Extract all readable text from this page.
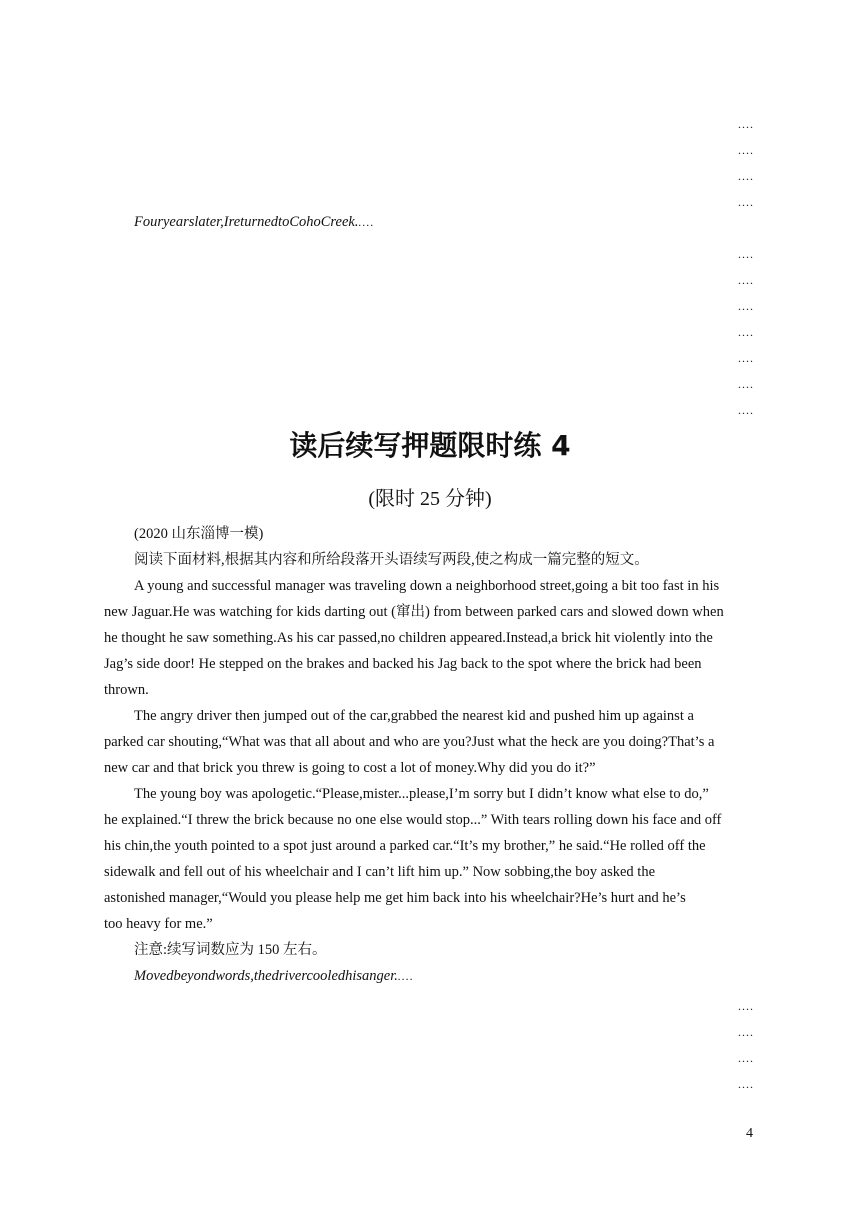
....
....
....
....
Fouryearslater,IreturnedtoCohoCreek.....
....
....
....
....
....
....
....
读后续写押题限时练 4
(限时 25 分钟)
(2020 山东淄博一模)
阅读下面材料,根据其内容和所给段落开头语续写两段,使之构成一篇完整的短文。
A young and successful manager was traveling down a neighborhood street,going a bit too fast in his
new Jaguar.He was watching for kids darting out (窜出) from between parked cars and slowed down when
he thought he saw something.As his car passed,no children appeared.Instead,a brick hit violently into the
Jag’s side door! He stepped on the brakes and backed his Jag back to the spot where the brick had been
thrown.
The angry driver then jumped out of the car,grabbed the nearest kid and pushed him up against a
parked car shouting,“What was that all about and who are you?Just what the heck are you doing?That’s a
new car and that brick you threw is going to cost a lot of money.Why did you do it?”
The young boy was apologetic.“Please,mister...please,I’m sorry but I didn’t know what else to do,”
he explained.“I threw the brick because no one else would stop...” With tears rolling down his face and off
his chin,the youth pointed to a spot just around a parked car.“It’s my brother,” he said.“He rolled off the
sidewalk and fell out of his wheelchair and I can’t lift him up.” Now sobbing,the boy asked the
astonished manager,“Would you please help me get him back into his wheelchair?He’s hurt and he’s
too heavy for me.”
注意:续写词数应为 150 左右。
Movedbeyondwords,thedrivercooledhisanger.....
....
....
....
....
4
